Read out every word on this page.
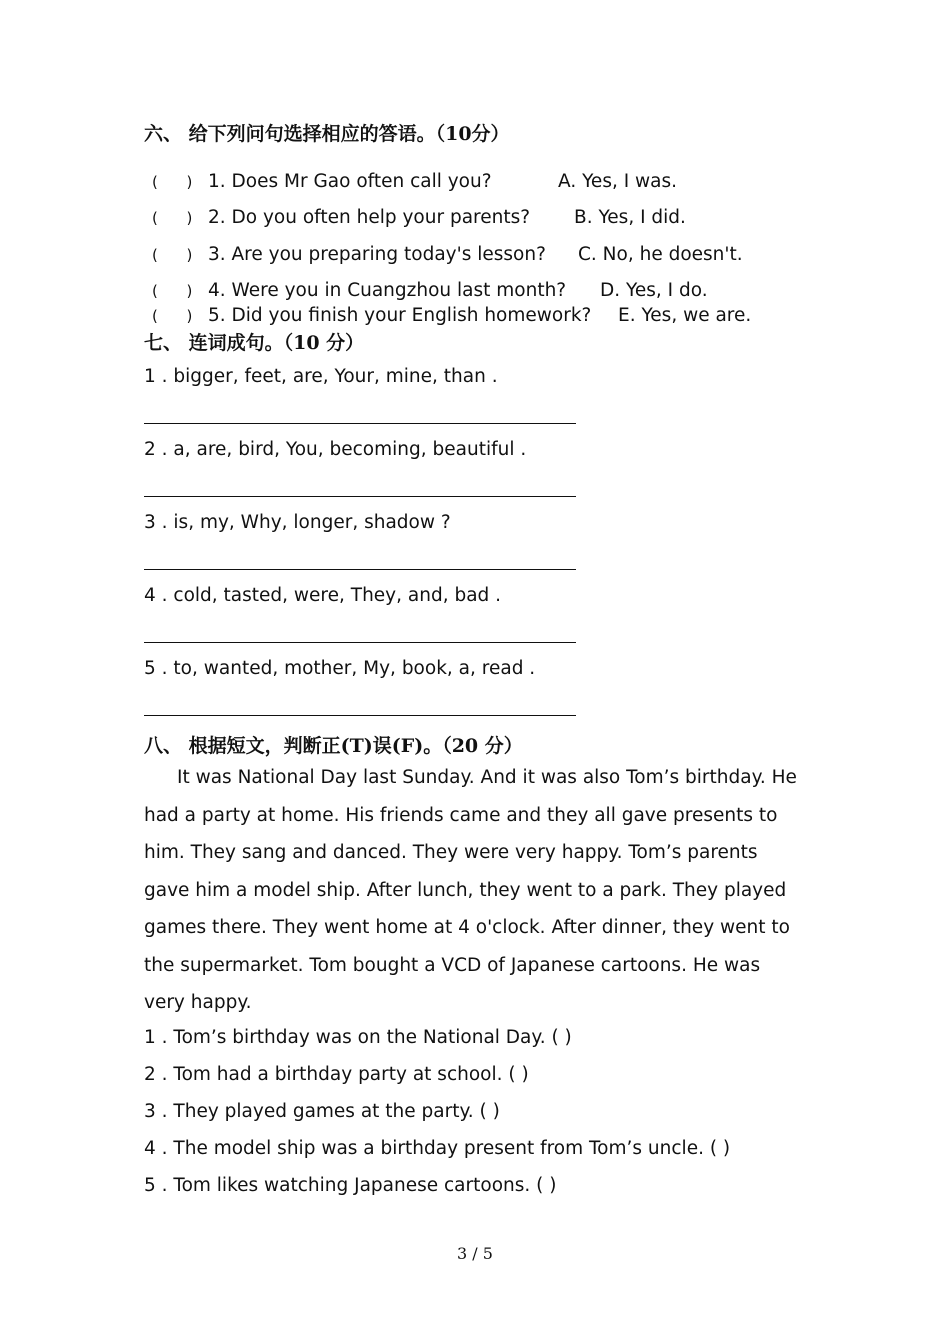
六、 给下列问句选择相应的答语。（10分）
(      ) 1. Does Mr Gao often call you?	A. Yes, I was.
(      ) 2. Do you often help your parents? B. Yes, I did.
(      ) 3. Are you preparing today's lesson? C. No, he doesn't.
(      ) 4. Were you in Cuangzhou last month? D. Yes, I do.
(      ) 5. Did you finish your English homework? E. Yes, we are.
七、 连词成句。（10 分）
1 . bigger, feet, are, Your, mine, than .
2 . a, are, bird, You, becoming, beautiful .
3 . is, my, Why, longer, shadow ?
4 . cold, tasted, were, They, and, bad .
5 . to, wanted, mother, My, book, a, read .
八、 根据短文，判断正(T)误(F)。（20 分）

It was National Day last Sunday. And it was also Tom’s birthday. He had a party at home. His friends came and they all gave presents to him. They sang and danced. They were very happy. Tom’s parents gave him a model ship. After lunch, they went to a park. They played games there. They went home at 4 o'clock. After dinner, they went to the supermarket. Tom bought a VCD of Japanese cartoons. He was very happy.

1 . Tom’s birthday was on the National Day. ( )
2 . Tom had a birthday party at school. ( )
3 . They played games at the party. ( )
4 . The model ship was a birthday present from Tom’s uncle. ( )
5 . Tom likes watching Japanese cartoons. ( )
3 / 5
